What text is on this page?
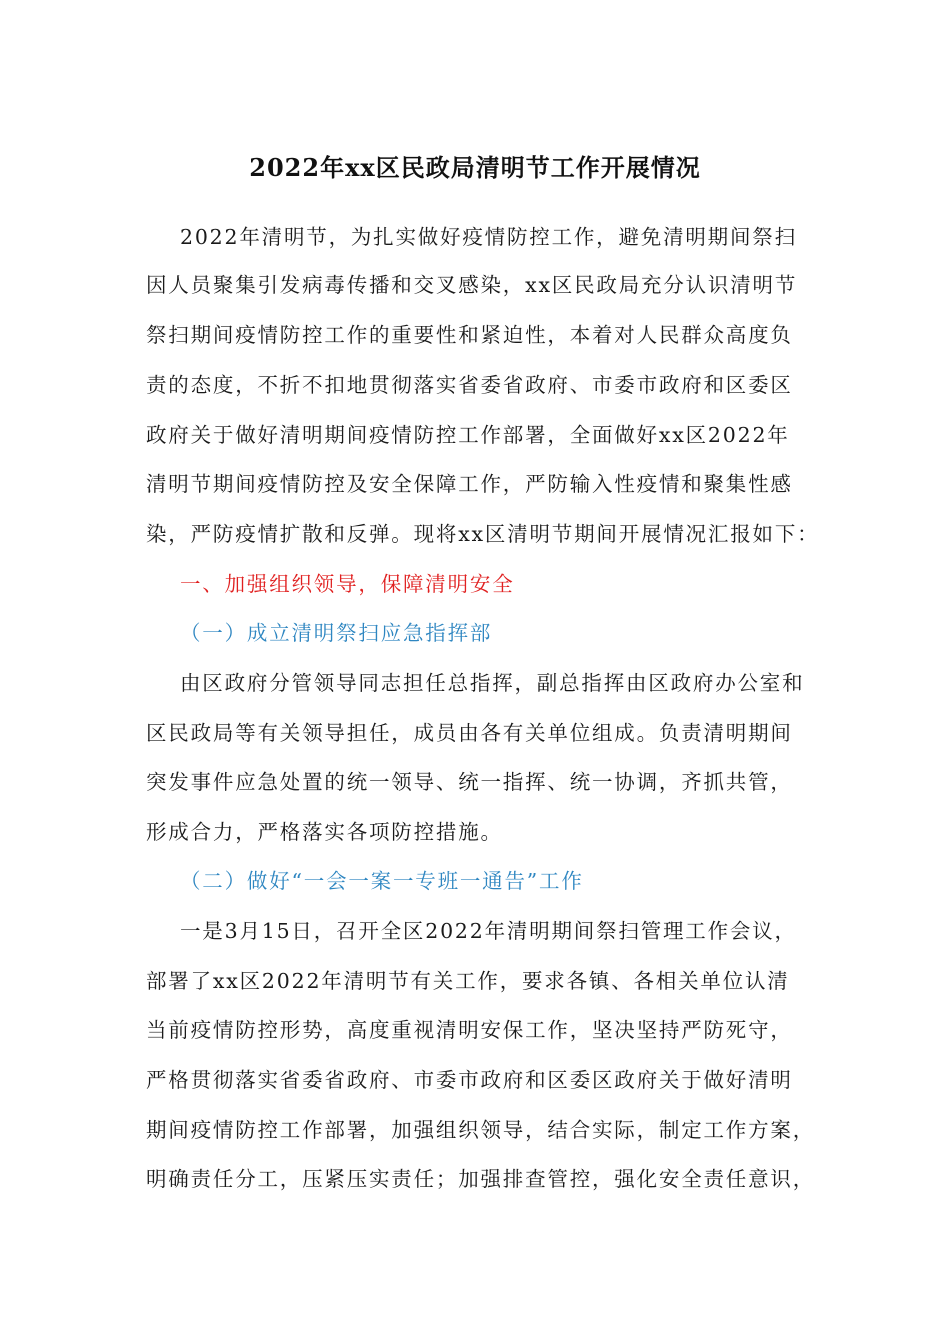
2022年xx区民政局清明节工作开展情况
2022年清明节，为扎实做好疫情防控工作，避免清明期间祭扫
因人员聚集引发病毒传播和交叉感染，xx区民政局充分认识清明节
祭扫期间疫情防控工作的重要性和紧迫性，本着对人民群众高度负
责的态度，不折不扣地贯彻落实省委省政府、市委市政府和区委区
政府关于做好清明期间疫情防控工作部署，全面做好xx区2022年
清明节期间疫情防控及安全保障工作，严防输入性疫情和聚集性感
染，严防疫情扩散和反弹。现将xx区清明节期间开展情况汇报如下：
一、加强组织领导，保障清明安全
（一）成立清明祭扫应急指挥部
由区政府分管领导同志担任总指挥，副总指挥由区政府办公室和
区民政局等有关领导担任，成员由各有关单位组成。负责清明期间
突发事件应急处置的统一领导、统一指挥、统一协调，齐抓共管，
形成合力，严格落实各项防控措施。
（二）做好“一会一案一专班一通告”工作
一是3月15日，召开全区2022年清明期间祭扫管理工作会议，
部署了xx区2022年清明节有关工作，要求各镇、各相关单位认清
当前疫情防控形势，高度重视清明安保工作，坚决坚持严防死守，
严格贯彻落实省委省政府、市委市政府和区委区政府关于做好清明
期间疫情防控工作部署，加强组织领导，结合实际，制定工作方案，
明确责任分工，压紧压实责任；加强排查管控，强化安全责任意识，
